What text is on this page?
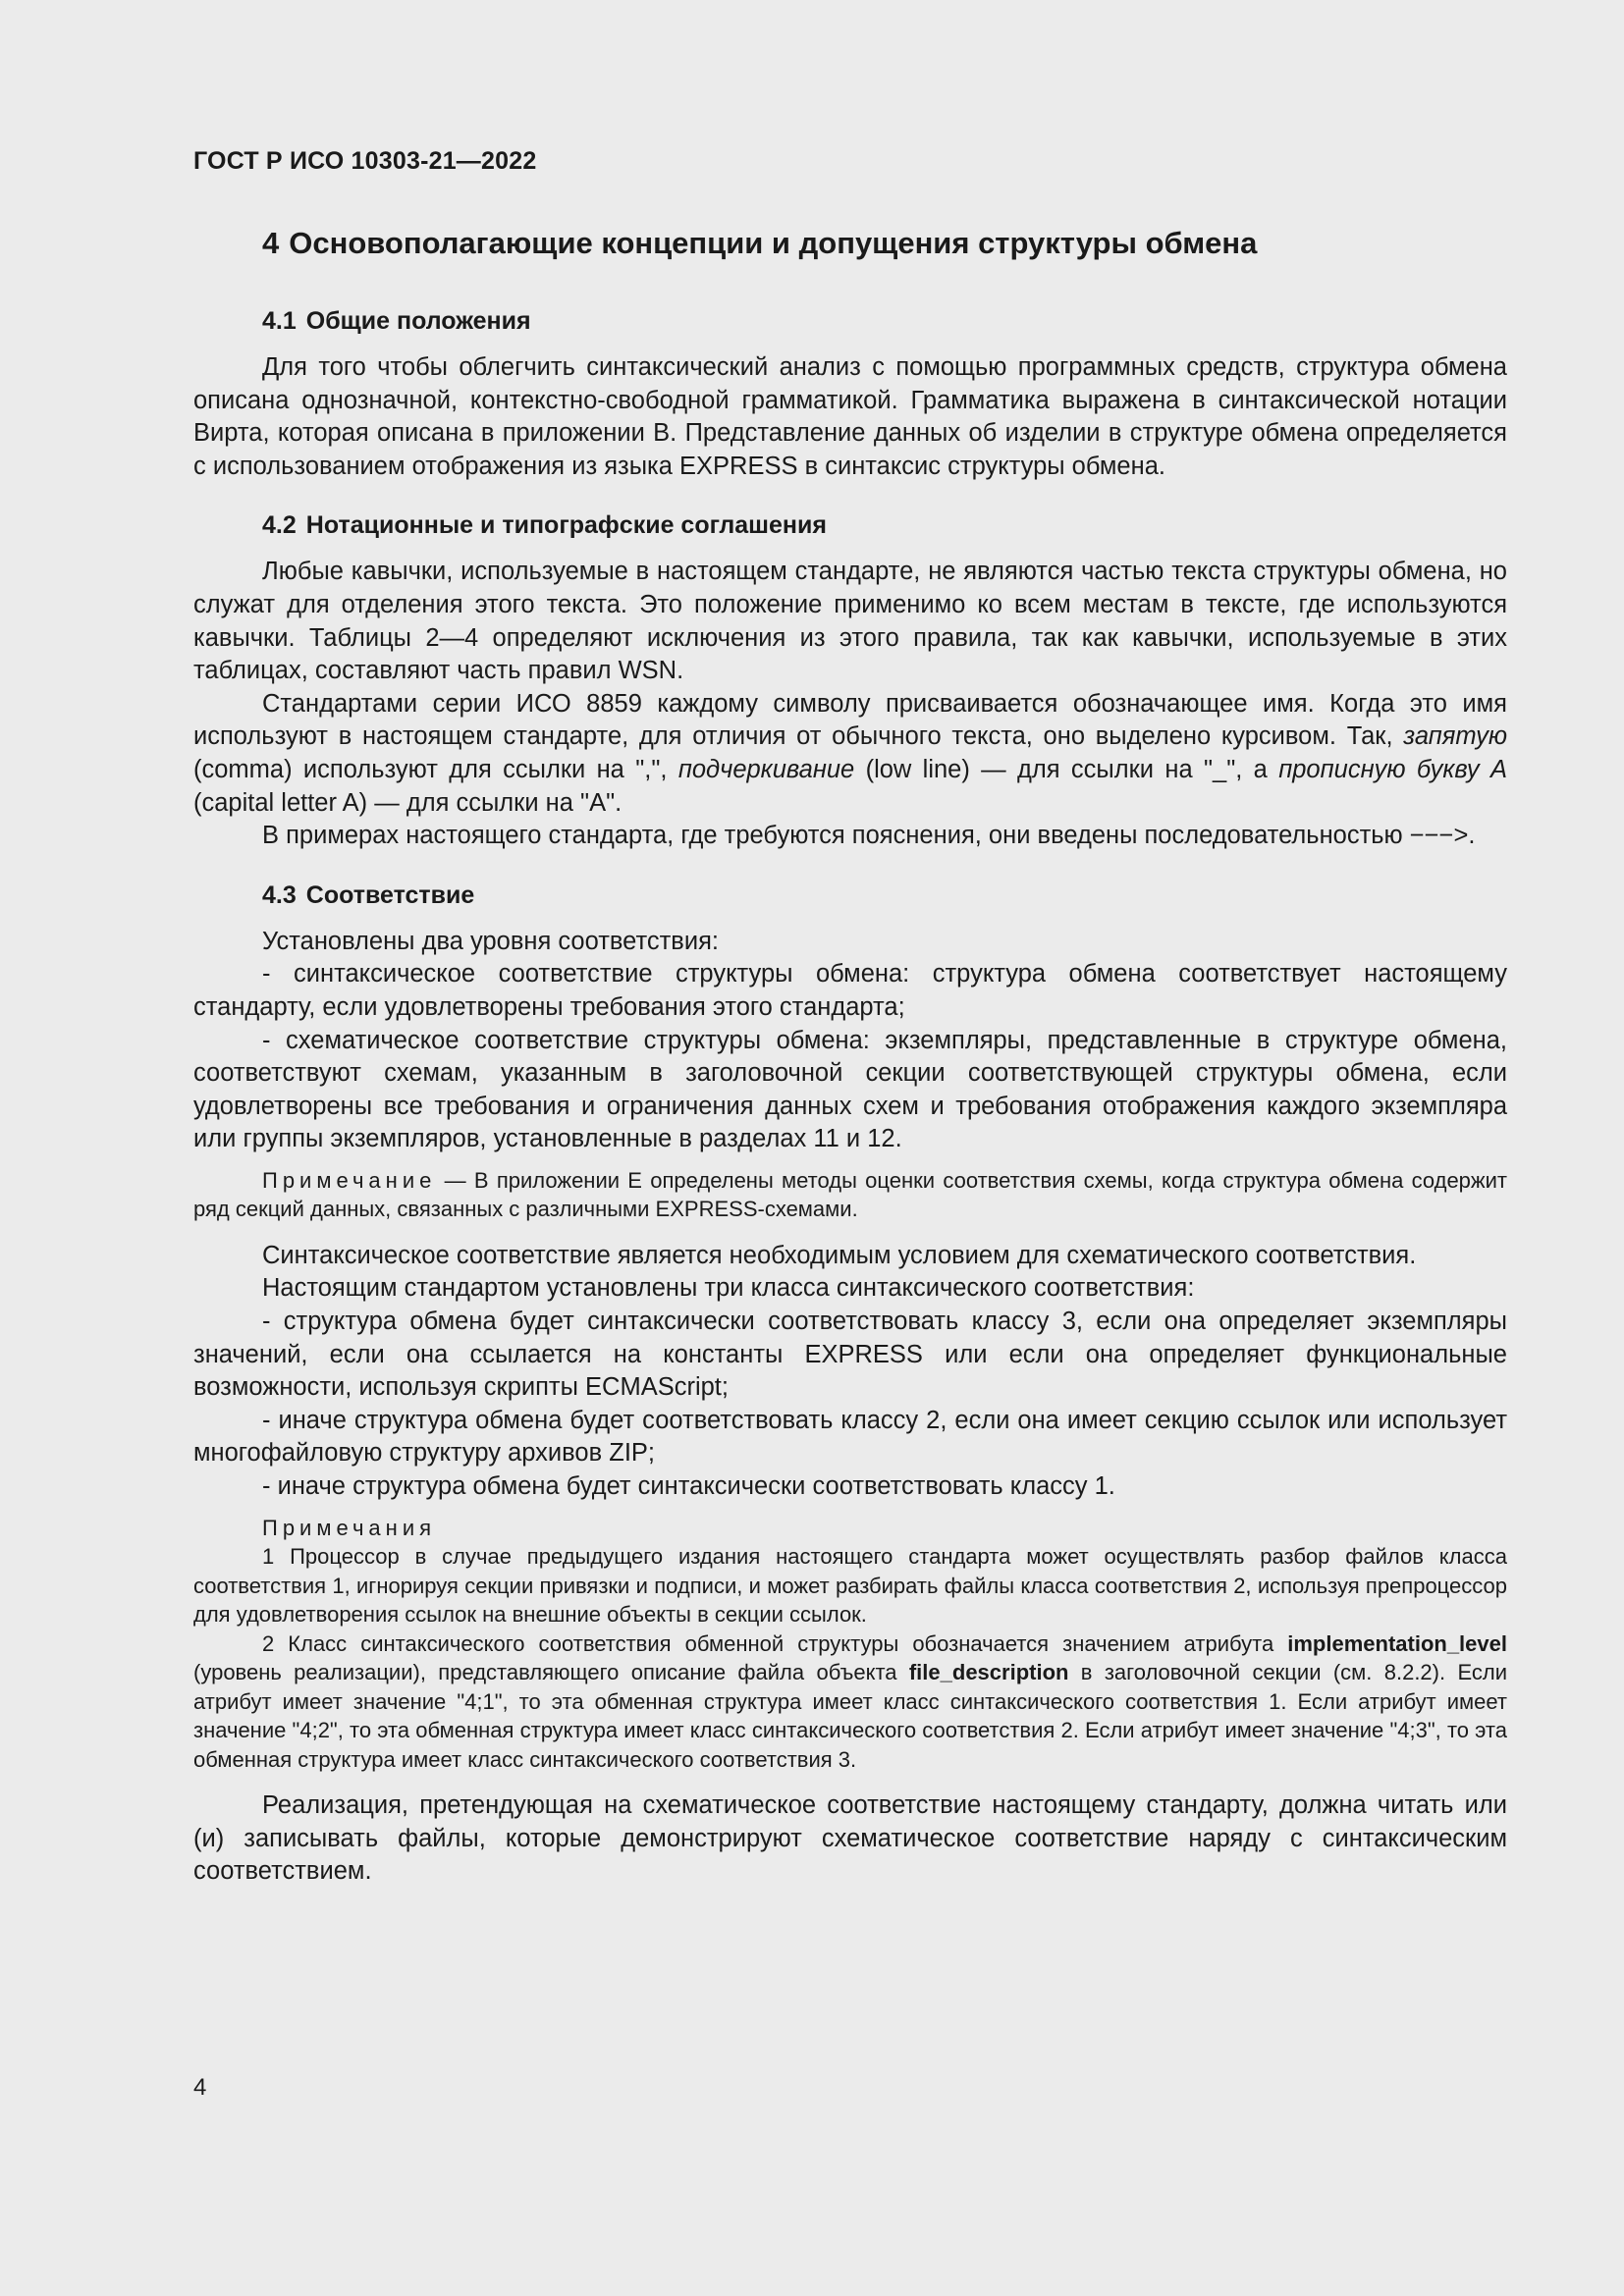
ГОСТ Р ИСО 10303-21—2022
4 Основополагающие концепции и допущения структуры обмена
4.1 Общие положения

Для того чтобы облегчить синтаксический анализ с помощью программных средств, структура обмена описана однозначной, контекстно-свободной грамматикой. Грамматика выражена в синтаксической нотации Вирта, которая описана в приложении В. Представление данных об изделии в структуре обмена определяется с использованием отображения из языка EXPRESS в синтаксис структуры обмена.

4.2 Нотационные и типографские соглашения

Любые кавычки, используемые в настоящем стандарте, не являются частью текста структуры обмена, но служат для отделения этого текста. Это положение применимо ко всем местам в тексте, где используются кавычки. Таблицы 2—4 определяют исключения из этого правила, так как кавычки, используемые в этих таблицах, составляют часть правил WSN.

Стандартами серии ИСО 8859 каждому символу присваивается обозначающее имя. Когда это имя используют в настоящем стандарте, для отличия от обычного текста, оно выделено курсивом. Так, запятую (comma) используют для ссылки на ",", подчеркивание (low line) — для ссылки на "_", а прописную букву А (capital letter A) — для ссылки на "A".

В примерах настоящего стандарта, где требуются пояснения, они введены последовательностью −−−>.

4.3 Соответствие

Установлены два уровня соответствия:

- синтаксическое соответствие структуры обмена: структура обмена соответствует настоящему стандарту, если удовлетворены требования этого стандарта;

- схематическое соответствие структуры обмена: экземпляры, представленные в структуре обмена, соответствуют схемам, указанным в заголовочной секции соответствующей структуры обмена, если удовлетворены все требования и ограничения данных схем и требования отображения каждого экземпляра или группы экземпляров, установленные в разделах 11 и 12.

Примечание — В приложении Е определены методы оценки соответствия схемы, когда структура обмена содержит ряд секций данных, связанных с различными EXPRESS-схемами.

Синтаксическое соответствие является необходимым условием для схематического соответствия.

Настоящим стандартом установлены три класса синтаксического соответствия:

- структура обмена будет синтаксически соответствовать классу 3, если она определяет экземпляры значений, если она ссылается на константы EXPRESS или если она определяет функциональные возможности, используя скрипты ECMAScript;

- иначе структура обмена будет соответствовать классу 2, если она имеет секцию ссылок или использует многофайловую структуру архивов ZIP;

- иначе структура обмена будет синтаксически соответствовать классу 1.

Примечания

1 Процессор в случае предыдущего издания настоящего стандарта может осуществлять разбор файлов класса соответствия 1, игнорируя секции привязки и подписи, и может разбирать файлы класса соответствия 2, используя препроцессор для удовлетворения ссылок на внешние объекты в секции ссылок.

2 Класс синтаксического соответствия обменной структуры обозначается значением атрибута implementation_level (уровень реализации), представляющего описание файла объекта file_description в заголовочной секции (см. 8.2.2). Если атрибут имеет значение "4;1", то эта обменная структура имеет класс синтаксического соответствия 1. Если атрибут имеет значение "4;2", то эта обменная структура имеет класс синтаксического соответствия 2. Если атрибут имеет значение "4;3", то эта обменная структура имеет класс синтаксического соответствия 3.

Реализация, претендующая на схематическое соответствие настоящему стандарту, должна читать или (и) записывать файлы, которые демонстрируют схематическое соответствие наряду с синтаксическим соответствием.

4
